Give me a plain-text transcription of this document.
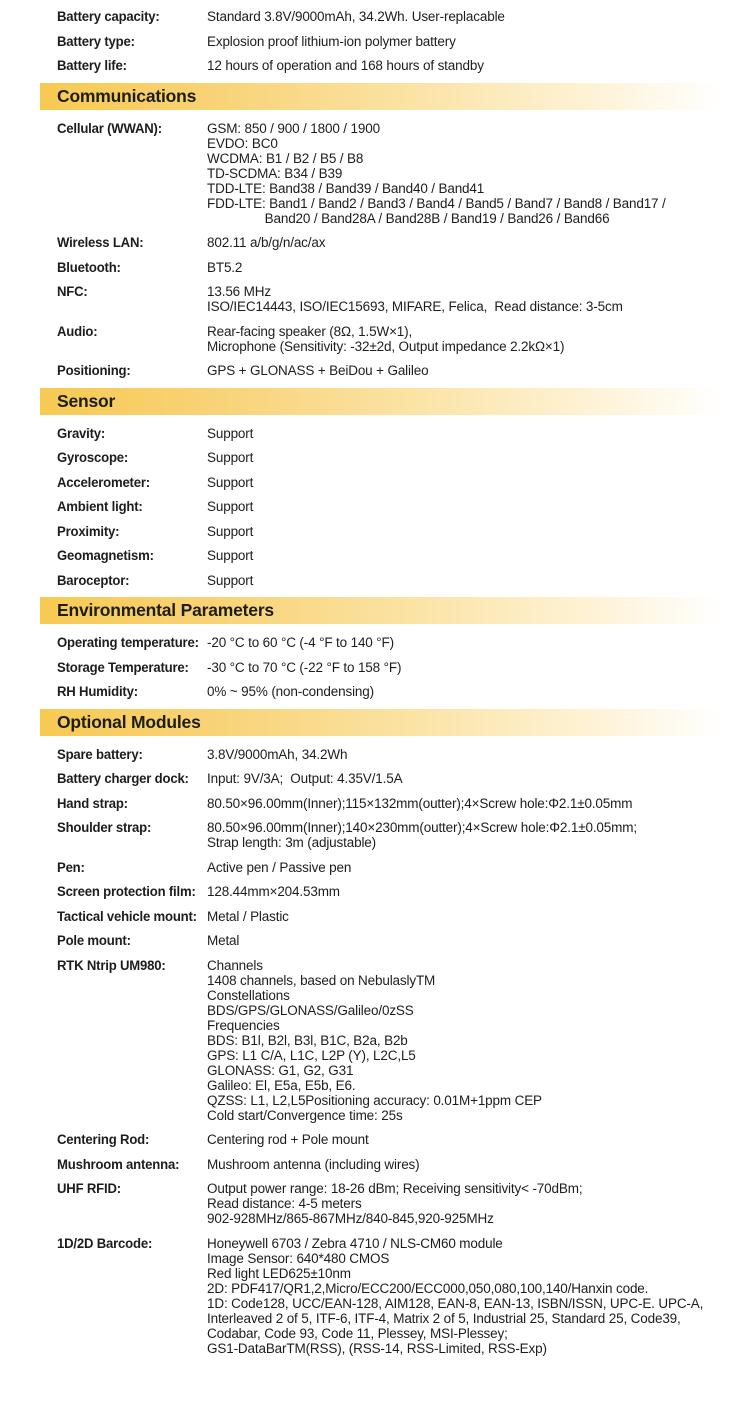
Battery capacity:	Standard 3.8V/9000mAh, 34.2Wh. User-replacable
Battery type:	Explosion proof lithium-ion polymer battery
Battery life:	12 hours of operation and 168 hours of standby
Communications
Cellular (WWAN):	GSM: 850 / 900 / 1800 / 1900
EVDO: BC0
WCDMA: B1 / B2 / B5 / B8
TD-SCDMA: B34 / B39
TDD-LTE: Band38 / Band39 / Band40 / Band41
FDD-LTE: Band1 / Band2 / Band3 / Band4 / Band5 / Band7 / Band8 / Band17 /
Band20 / Band28A / Band28B / Band19 / Band26 / Band66
Wireless LAN:	802.11 a/b/g/n/ac/ax
Bluetooth:	BT5.2
NFC:	13.56 MHz
ISO/IEC14443, ISO/IEC15693, MIFARE, Felica,  Read distance: 3-5cm
Audio:	Rear-facing speaker (8Ω, 1.5W×1),
Microphone (Sensitivity: -32±2d, Output impedance 2.2kΩ×1)
Positioning:	GPS + GLONASS + BeiDou + Galileo
Sensor
Gravity:	Support
Gyroscope:	Support
Accelerometer:	Support
Ambient light:	Support
Proximity:	Support
Geomagnetism:	Support
Baroceptor:	Support
Environmental Parameters
Operating temperature: -20 °C to 60 °C (-4 °F to 140 °F)
Storage Temperature:	-30 °C to 70 °C (-22 °F to 158 °F)
RH Humidity:	0% ~ 95% (non-condensing)
Optional Modules
Spare battery:	3.8V/9000mAh, 34.2Wh
Battery charger dock:	Input: 9V/3A;  Output: 4.35V/1.5A
Hand strap:	80.50×96.00mm(Inner);115×132mm(outter);4×Screw hole:Φ2.1±0.05mm
Shoulder strap:	80.50×96.00mm(Inner);140×230mm(outter);4×Screw hole:Φ2.1±0.05mm;
Strap length: 3m (adjustable)
Pen:	Active pen / Passive pen
Screen protection film: 128.44mm×204.53mm
Tactical vehicle mount: Metal / Plastic
Pole mount:	Metal
RTK Ntrip UM980:	Channels
1408 channels, based on NebulaslyTM
Constellations
BDS/GPS/GLONASS/Galileo/0zSS
Frequencies
BDS: B1l, B2l, B3l, B1C, B2a, B2b
GPS: L1 C/A, L1C, L2P (Y), L2C,L5
GLONASS: G1, G2, G31
Galileo: El, E5a, E5b, E6.
QZSS: L1, L2,L5Positioning accuracy: 0.01M+1ppm CEP
Cold start/Convergence time: 25s
Centering Rod:	Centering rod + Pole mount
Mushroom antenna:	Mushroom antenna (including wires)
UHF RFID:	Output power range: 18-26 dBm; Receiving sensitivity< -70dBm;
Read distance: 4-5 meters
902-928MHz/865-867MHz/840-845,920-925MHz
1D/2D Barcode:	Honeywell 6703 / Zebra 4710 / NLS-CM60 module
Image Sensor: 640*480 CMOS
Red light LED625±10nm
2D: PDF417/QR1,2,Micro/ECC200/ECC000,050,080,100,140/Hanxin code.
1D: Code128, UCC/EAN-128, AIM128, EAN-8, EAN-13, ISBN/ISSN, UPC-E. UPC-A,
Interleaved 2 of 5, ITF-6, ITF-4, Matrix 2 of 5, Industrial 25, Standard 25, Code39,
Codabar, Code 93, Code 11, Plessey, MSI-Plessey;
GS1-DataBarTM(RSS), (RSS-14, RSS-Limited, RSS-Exp)
